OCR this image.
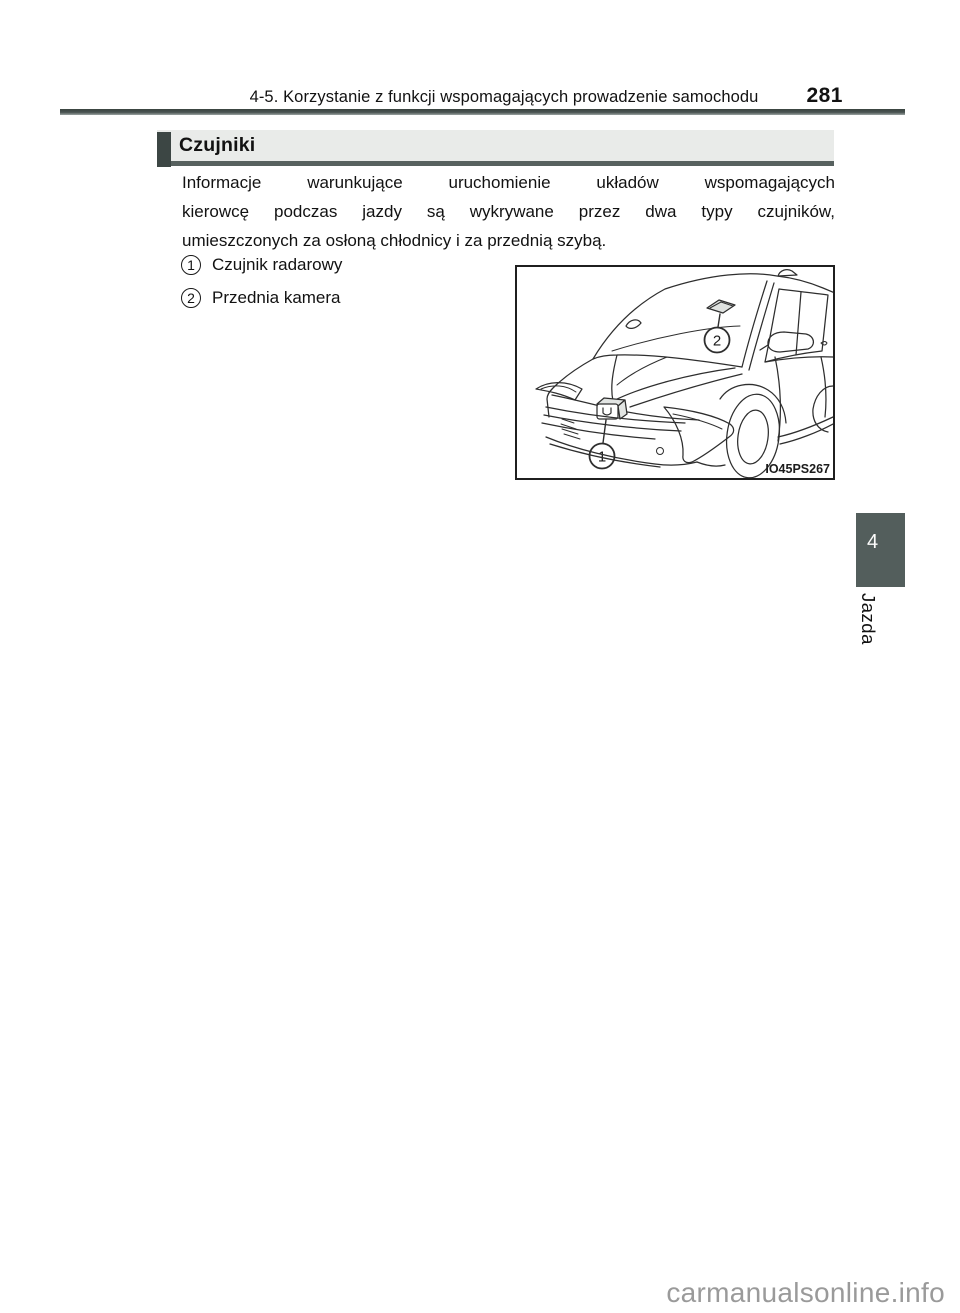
4-5. Korzystanie z funkcji wspomagających prowadzenie samochodu 281
Czujniki
Informacje warunkujące uruchomienie układów wspomagających
kierowcę podczas jazdy są wykrywane przez dwa typy czujników,
umieszczonych za osłoną chłodnicy i za przednią szybą.
1	Czujnik radarowy
2	Przednia kamera
2
1
IO45PS267
4
Jazda
carmanualsonline.info
